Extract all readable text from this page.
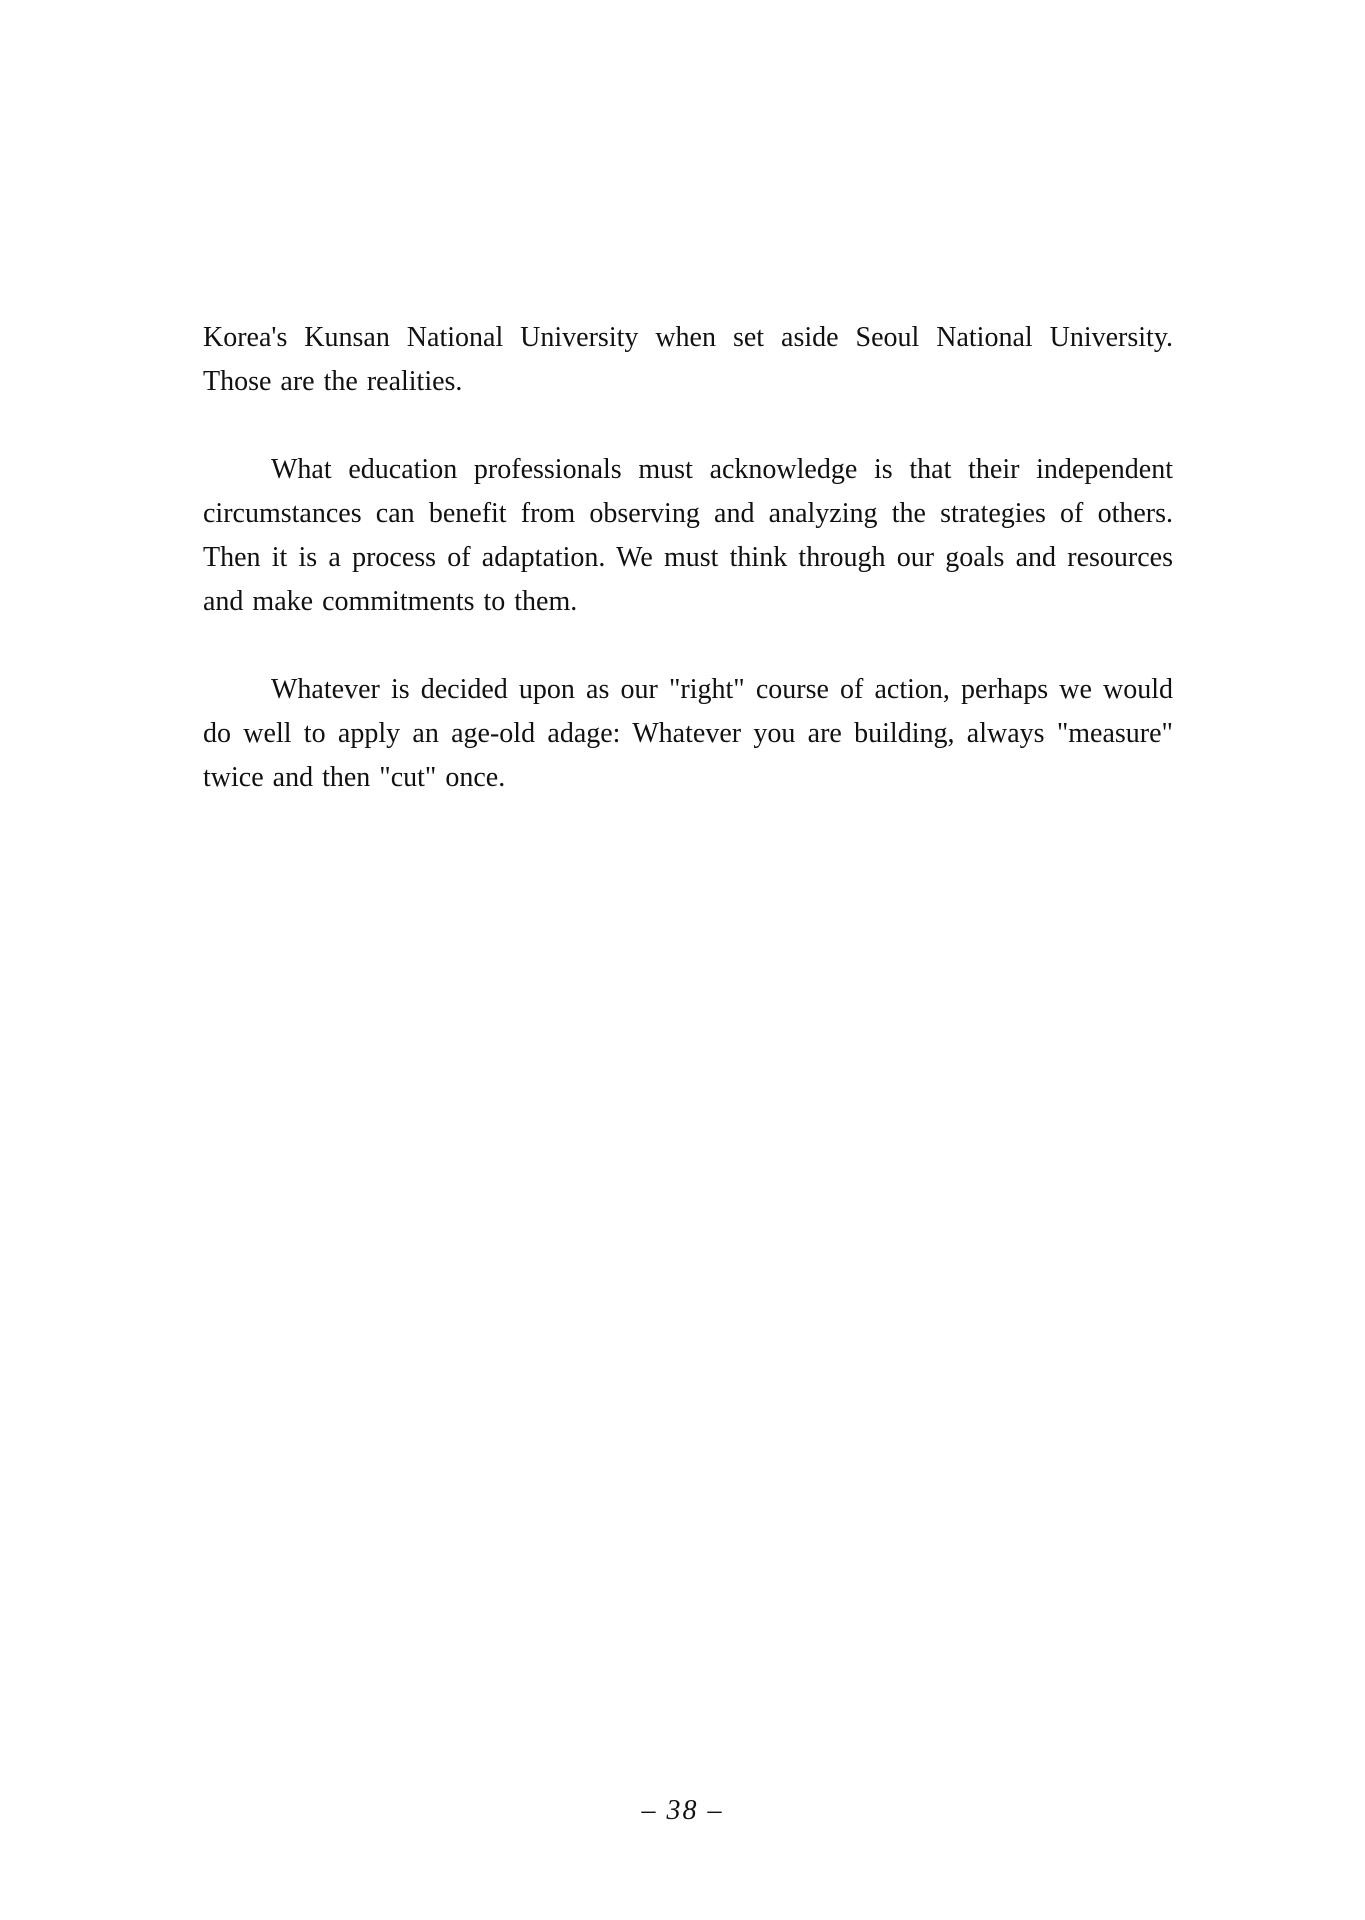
Korea's Kunsan National University when set aside Seoul National University. Those are the realities.

What education professionals must acknowledge is that their independent circumstances can benefit from observing and analyzing the strategies of others. Then it is a process of adaptation. We must think through our goals and resources and make commitments to them.

Whatever is decided upon as our "right" course of action, perhaps we would do well to apply an age-old adage: Whatever you are building, always "measure" twice and then "cut" once.

– 38 –
